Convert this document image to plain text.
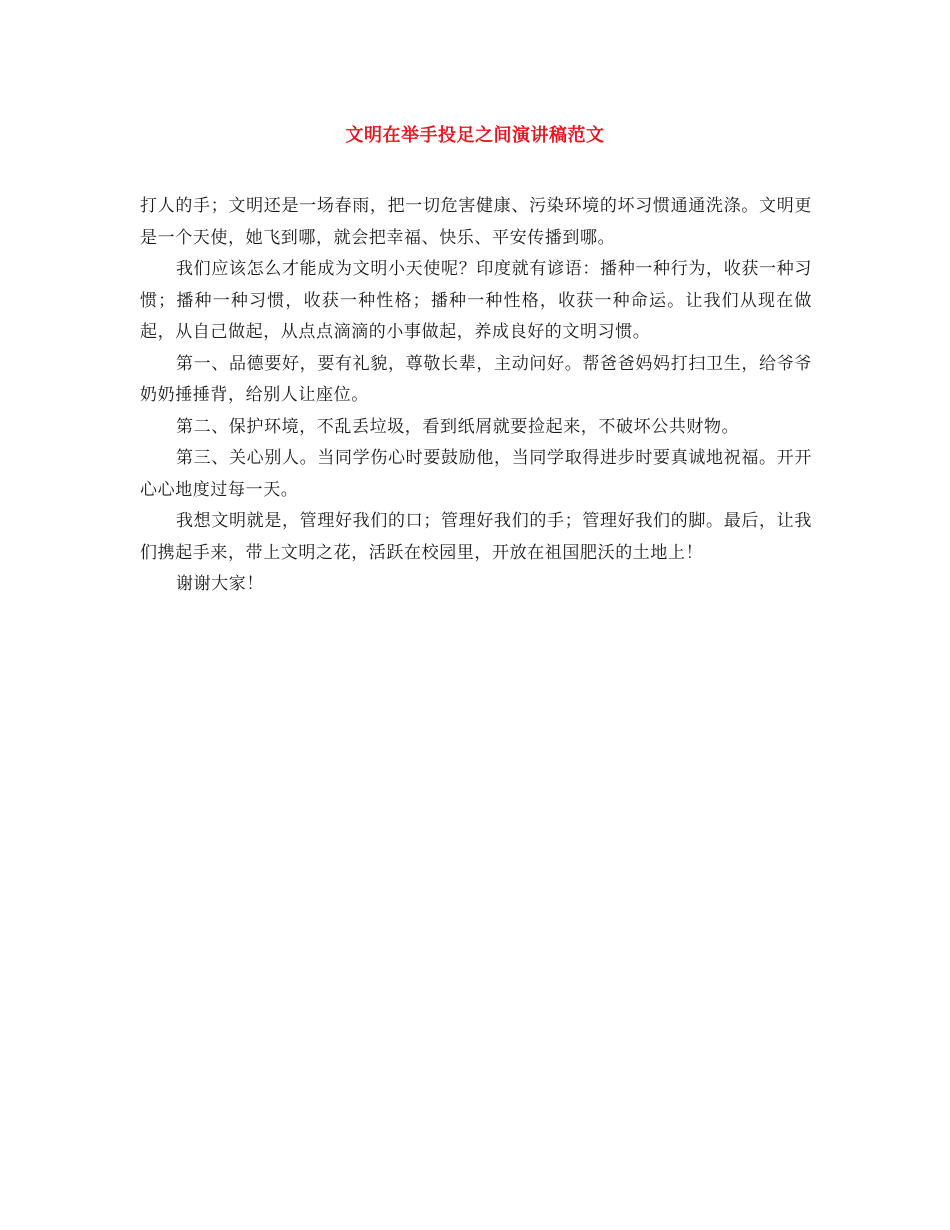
文明在举手投足之间演讲稿范文

打人的手；文明还是一场春雨，把一切危害健康、污染环境的坏习惯通通洗涤。文明更是一个天使，她飞到哪，就会把幸福、快乐、平安传播到哪。

我们应该怎么才能成为文明小天使呢？印度就有谚语：播种一种行为，收获一种习惯；播种一种习惯，收获一种性格；播种一种性格，收获一种命运。让我们从现在做起，从自己做起，从点点滴滴的小事做起，养成良好的文明习惯。

第一、品德要好，要有礼貌，尊敬长辈，主动问好。帮爸爸妈妈打扫卫生，给爷爷奶奶捶捶背，给别人让座位。

第二、保护环境，不乱丢垃圾，看到纸屑就要捡起来，不破坏公共财物。

第三、关心别人。当同学伤心时要鼓励他，当同学取得进步时要真诚地祝福。开开心心地度过每一天。

我想文明就是，管理好我们的口；管理好我们的手；管理好我们的脚。最后，让我们携起手来，带上文明之花，活跃在校园里，开放在祖国肥沃的土地上！

谢谢大家！
